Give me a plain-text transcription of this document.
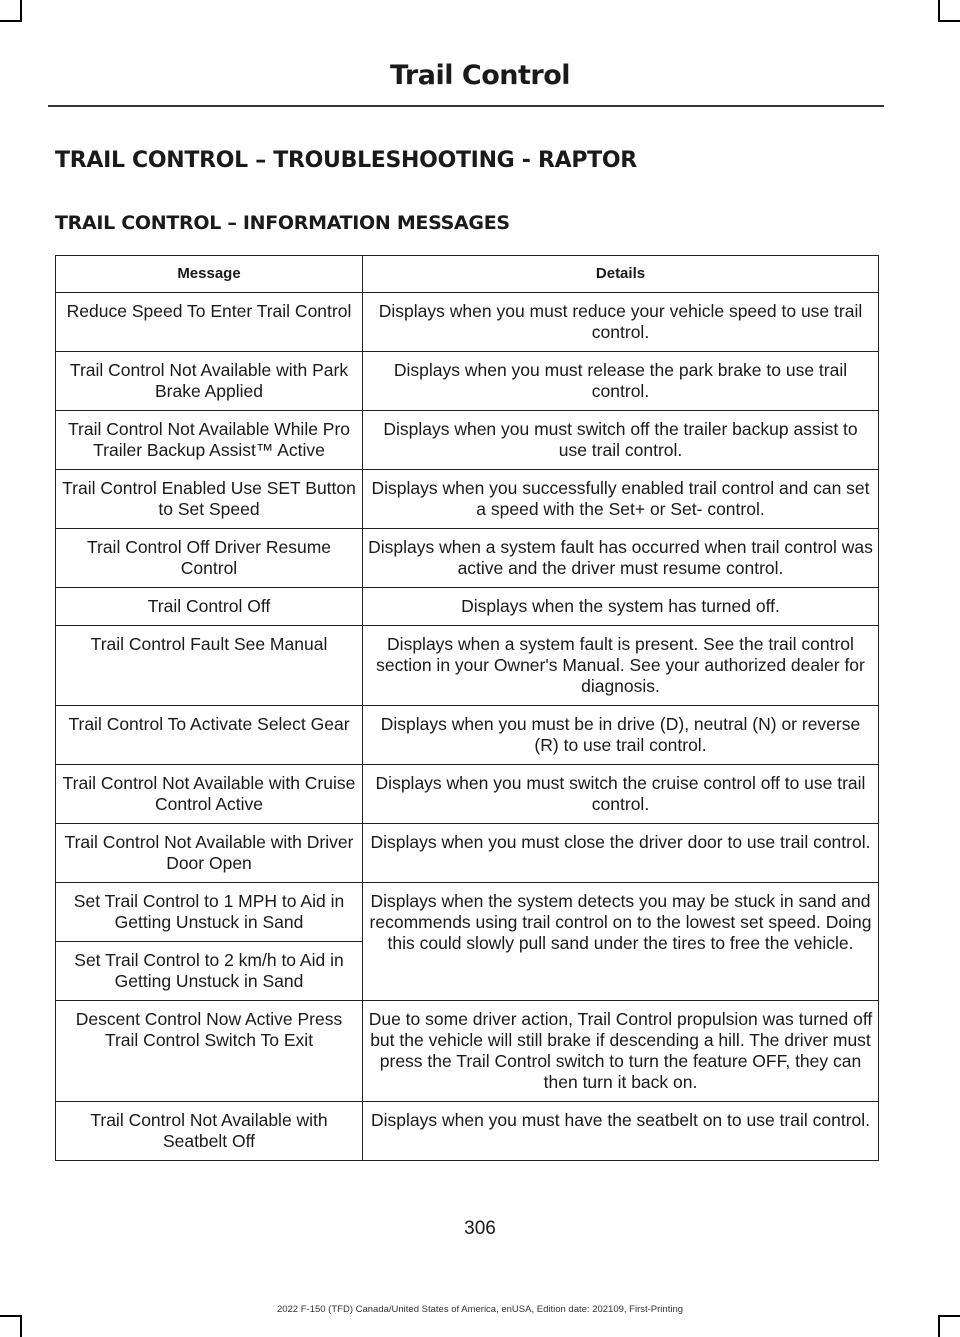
Trail Control
TRAIL CONTROL – TROUBLESHOOTING - RAPTOR
TRAIL CONTROL – INFORMATION MESSAGES
Message	Details
Reduce Speed To Enter Trail Control	Displays when you must reduce your vehicle speed to use trail control.
Trail Control Not Available with Park Brake Applied	Displays when you must release the park brake to use trail control.
Trail Control Not Available While Pro Trailer Backup Assist™ Active	Displays when you must switch off the trailer backup assist to use trail control.
Trail Control Enabled Use SET Button to Set Speed	Displays when you successfully enabled trail control and can set a speed with the Set+ or Set- control.
Trail Control Off Driver Resume Control	Displays when a system fault has occurred when trail control was active and the driver must resume control.
Trail Control Off	Displays when the system has turned off.
Trail Control Fault See Manual	Displays when a system fault is present. See the trail control section in your Owner's Manual. See your authorized dealer for diagnosis.
Trail Control To Activate Select Gear	Displays when you must be in drive (D), neutral (N) or reverse (R) to use trail control.
Trail Control Not Available with Cruise Control Active	Displays when you must switch the cruise control off to use trail control.
Trail Control Not Available with Driver Door Open	Displays when you must close the driver door to use trail control.
Set Trail Control to 1 MPH to Aid in Getting Unstuck in Sand	Displays when the system detects you may be stuck in sand and recommends using trail control on to the lowest set speed. Doing this could slowly pull sand under the tires to free the vehicle.
Set Trail Control to 2 km/h to Aid in Getting Unstuck in Sand	
Descent Control Now Active Press Trail Control Switch To Exit	Due to some driver action, Trail Control propulsion was turned off but the vehicle will still brake if descending a hill. The driver must press the Trail Control switch to turn the feature OFF, they can then turn it back on.
Trail Control Not Available with Seatbelt Off	Displays when you must have the seatbelt on to use trail control.
306
2022 F-150 (TFD) Canada/United States of America, enUSA, Edition date: 202109, First-Printing
